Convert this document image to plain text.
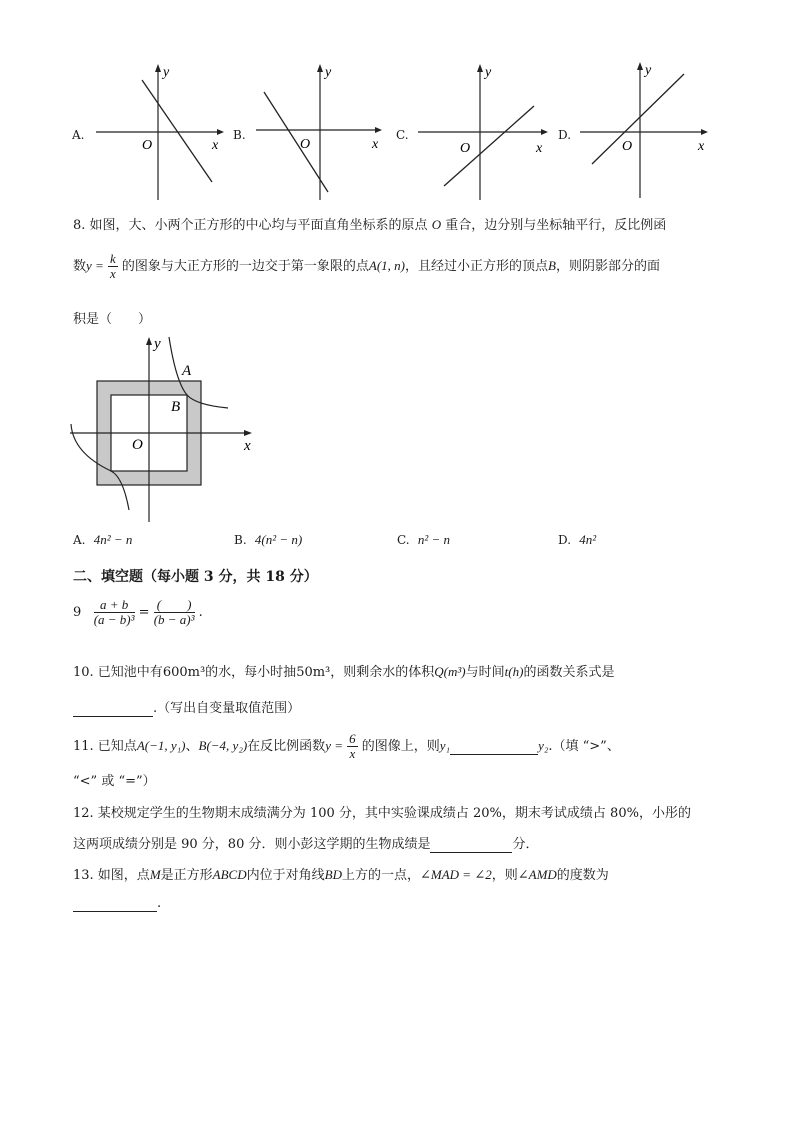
A.
y
x
O
B.
y
x
O
C.
y
x
O
D.
y
x
O
8. 如图，大、小两个正方形的中心均与平面直角坐标系的原点 O 重合，边分别与坐标轴平行，反比例函
数$y = \frac{k}{x}$ 的图象与大正方形的一边交于第一象限的点A(1, n)，且经过小正方形的顶点B，则阴影部分的面
积是（　　）
y
x
O
A
B
A. 4n² − n	B. 4(n² − n)	C. n² − n	D. 4n²
二、填空题（每小题 3 分，共 18 分）
$9 \frac{a + b}{\text{(a − b)³}} = \frac{( )}{\text{(b − a)³}}$ .
10. 已知池中有600m³的水，每小时抽50m³，则剩余水的体积Q(m³)与时间t(h)的函数关系式是
.（写出自变量取值范围）
11. 已知点A(−1, y₁)、B(−4, y₂)在反比例函数$y = \frac{6}{x}$ 的图像上，则y₁	y₂.（填 “>”、
“<” 或 “=”）
12. 某校规定学生的生物期末成绩满分为 100 分，其中实验课成绩占 20%，期末考试成绩占 80%，小彤的
这两项成绩分别是 90 分，80 分．则小彭这学期的生物成绩是	分．
13. 如图，点M是正方形ABCD内位于对角线BD上方的一点，∠MAD = ∠2，则∠AMD的度数为
.
